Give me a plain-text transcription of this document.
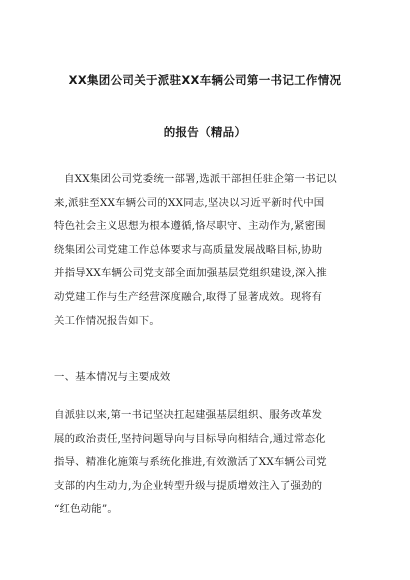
XX集团公司关于派驻XX车辆公司第一书记工作情况
的报告（精品）
自XX集团公司党委统一部署,选派干部担任驻企第一书记以
来,派驻至XX车辆公司的XX同志,坚决以习近平新时代中国
特色社会主义思想为根本遵循,恪尽职守、主动作为,紧密围
绕集团公司党建工作总体要求与高质量发展战略目标,协助
并指导XX车辆公司党支部全面加强基层党组织建设,深入推
动党建工作与生产经营深度融合,取得了显著成效。现将有
关工作情况报告如下。
一、基本情况与主要成效
自派驻以来,第一书记坚决扛起建强基层组织、服务改革发
展的政治责任,坚持问题导向与目标导向相结合,通过常态化
指导、精准化施策与系统化推进,有效激活了XX车辆公司党
支部的内生动力,为企业转型升级与提质增效注入了强劲的
“红色动能”。
